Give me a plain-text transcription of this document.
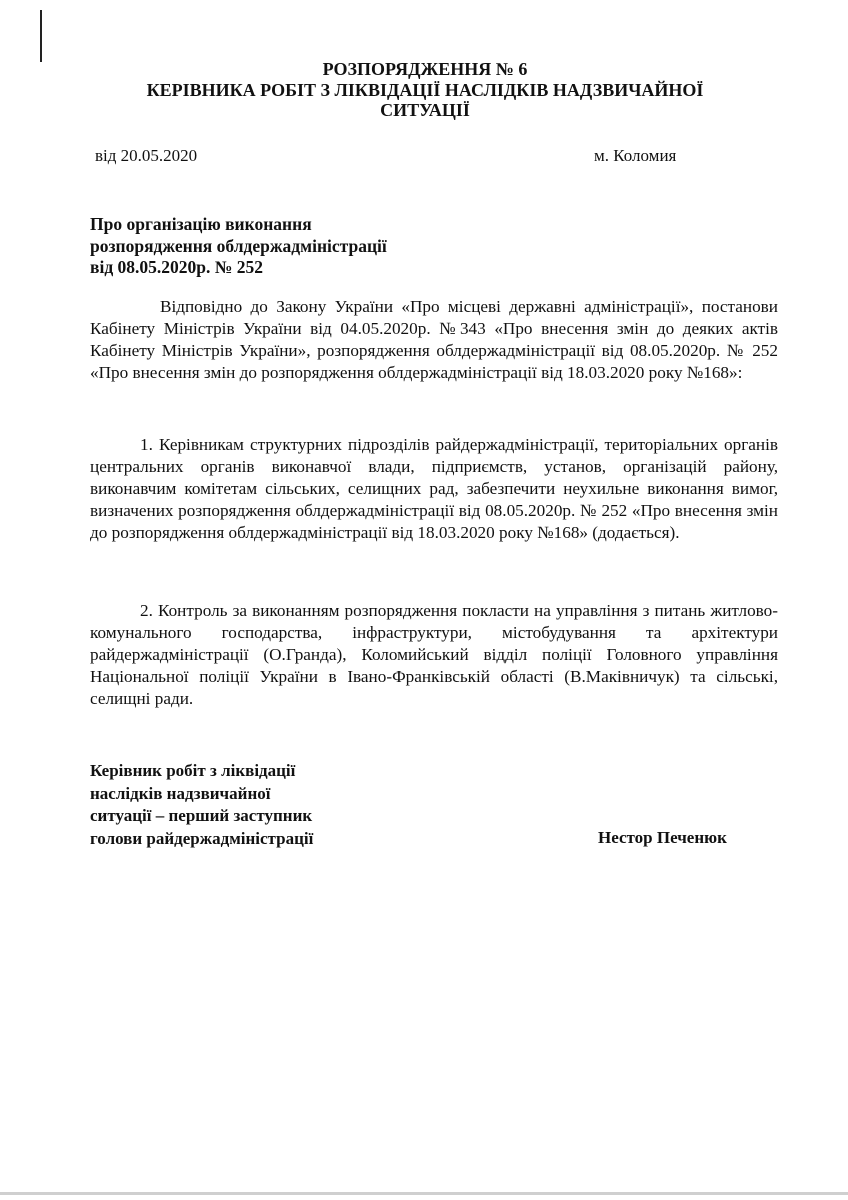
РОЗПОРЯДЖЕННЯ № 6
КЕРІВНИКА РОБІТ З ЛІКВІДАЦІЇ НАСЛІДКІВ НАДЗВИЧАЙНОЇ
СИТУАЦІЇ
від 20.05.2020	м. Коломия
Про організацію виконання
розпорядження облдержадміністрації
від 08.05.2020р. № 252

Відповідно до Закону України «Про місцеві державні адміністрації», постанови Кабінету Міністрів України від 04.05.2020р. №343 «Про внесення змін до деяких актів Кабінету Міністрів України», розпорядження облдержадміністрації від 08.05.2020р. № 252 «Про внесення змін до розпорядження облдержадміністрації від 18.03.2020 року №168»:

1. Керівникам структурних підрозділів райдержадміністрації, територіальних органів центральних органів виконавчої влади, підприємств, установ, організацій району, виконавчим комітетам сільських, селищних рад, забезпечити неухильне виконання вимог, визначених розпорядження облдержадміністрації від 08.05.2020р. № 252 «Про внесення змін до розпорядження облдержадміністрації від 18.03.2020 року №168» (додається).

2. Контроль за виконанням розпорядження покласти на управління з питань житлово-комунального господарства, інфраструктури, містобудування та архітектури райдержадміністрації (О.Гранда), Коломийський відділ поліції Головного управління Національної поліції України в Івано-Франківській області (В.Маківничук) та сільські, селищні ради.

Керівник робіт з ліквідації
наслідків надзвичайної
ситуації – перший заступник
голови райдержадміністрації	Нестор Печенюк
